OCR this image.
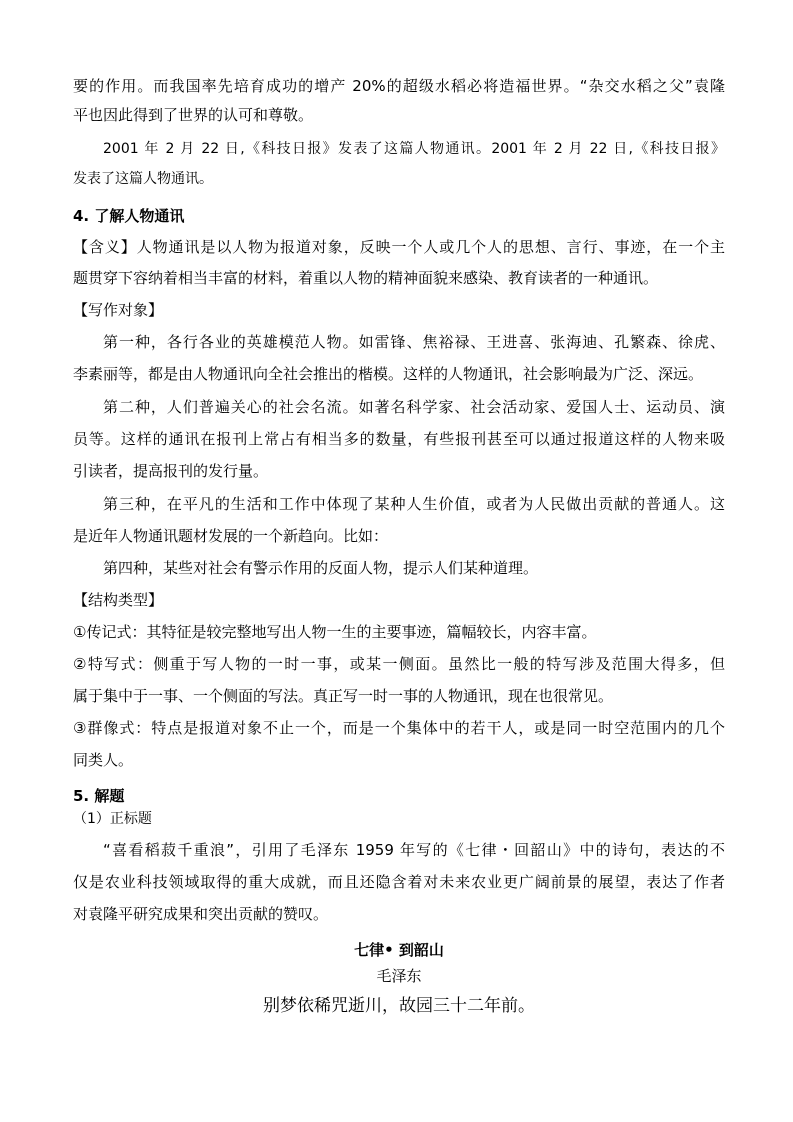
要的作用。而我国率先培育成功的增产 20%的超级水稻必将造福世界。“杂交水稻之父”袁隆
平也因此得到了世界的认可和尊敬。
2001 年 2 月 22 日,《科技日报》发表了这篇人物通讯。2001 年 2 月 22 日,《科技日报》
发表了这篇人物通讯。
4. 了解人物通讯
【含义】人物通讯是以人物为报道对象，反映一个人或几个人的思想、言行、事迹，在一个主
题贯穿下容纳着相当丰富的材料，着重以人物的精神面貌来感染、教育读者的一种通讯。
【写作对象】
第一种，各行各业的英雄模范人物。如雷锋、焦裕禄、王进喜、张海迪、孔繁森、徐虎、
李素丽等，都是由人物通讯向全社会推出的楷模。这样的人物通讯，社会影响最为广泛、深远。
第二种，人们普遍关心的社会名流。如著名科学家、社会活动家、爱国人士、运动员、演
员等。这样的通讯在报刊上常占有相当多的数量，有些报刊甚至可以通过报道这样的人物来吸
引读者，提高报刊的发行量。
第三种，在平凡的生活和工作中体现了某种人生价值，或者为人民做出贡献的普通人。这
是近年人物通讯题材发展的一个新趋向。比如：
第四种，某些对社会有警示作用的反面人物，提示人们某种道理。
【结构类型】
①传记式：其特征是较完整地写出人物一生的主要事迹，篇幅较长，内容丰富。
②特写式：侧重于写人物的一时一事，或某一侧面。虽然比一般的特写涉及范围大得多，但
属于集中于一事、一个侧面的写法。真正写一时一事的人物通讯，现在也很常见。
③群像式：特点是报道对象不止一个，而是一个集体中的若干人，或是同一时空范围内的几个
同类人。
5. 解题
（1）正标题
“喜看稻菽千重浪”，引用了毛泽东 1959 年写的《七律・回韶山》中的诗句，表达的不
仅是农业科技领域取得的重大成就，而且还隐含着对未来农业更广阔前景的展望，表达了作者
对袁隆平研究成果和突出贡献的赞叹。
七律• 到韶山
毛泽东
别梦依稀咒逝川，故园三十二年前。
